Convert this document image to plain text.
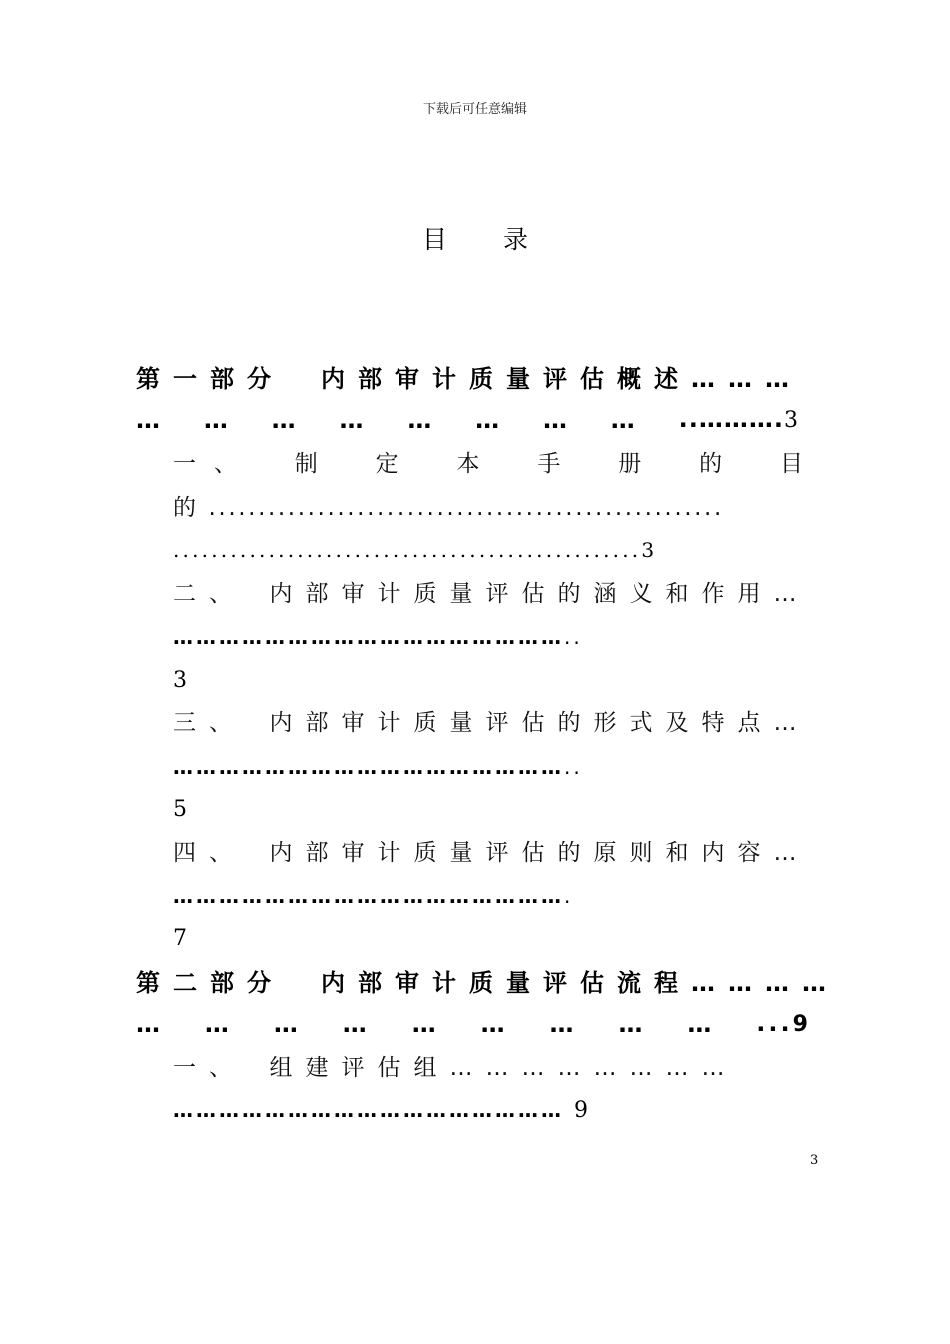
下载后可任意编辑
目 录
第一部分　内部审计质量评估概述………
… … … … … … … … ..……….3
一 、	制	定	本	手	册	的	目
的 ....................................................
.................................................3
二、　内部审计质量评估的涵义和作用…
……………………………………………..
3
三、　内部审计质量评估的形式及特点…
……………………………………………..
5
四、　内部审计质量评估的原则和内容…
…………………………………………….
7
第二部分　内部审计质量评估流程…………
… … … … … … … … … ...9
一、　组建评估组……………………
…………………………………………… 9
3
